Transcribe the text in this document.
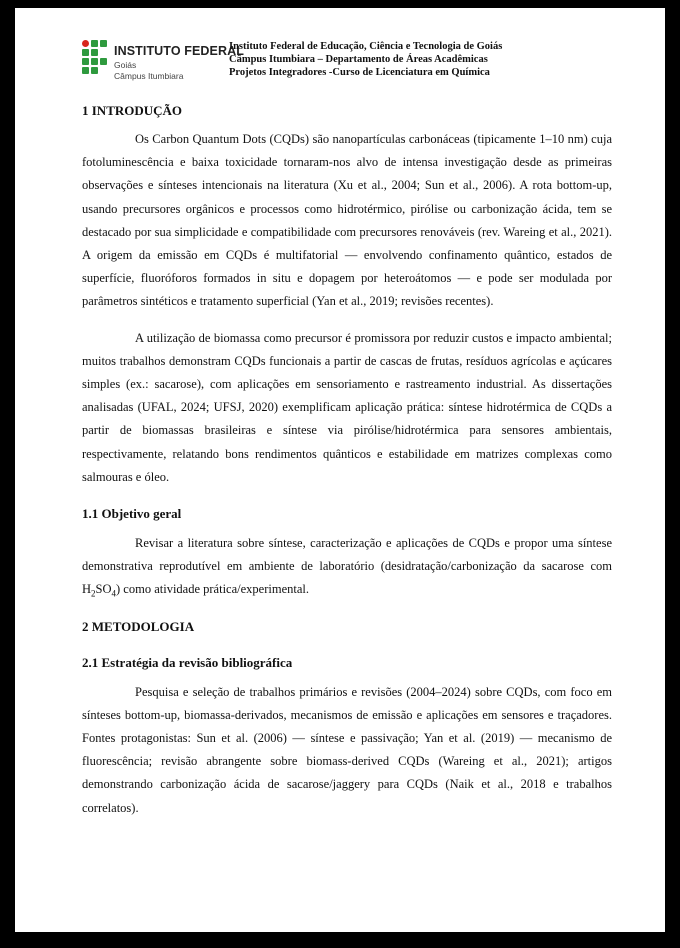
INSTITUTO FEDERAL
Goiás
Câmpus Itumbiara
Instituto Federal de Educação, Ciência e Tecnologia de Goiás
Câmpus Itumbiara – Departamento de Áreas Acadêmicas
Projetos Integradores -Curso de Licenciatura em Química
1 INTRODUÇÃO

Os Carbon Quantum Dots (CQDs) são nanopartículas carbonáceas (tipicamente 1–10 nm) cuja fotoluminescência e baixa toxicidade tornaram-nos alvo de intensa investigação desde as primeiras observações e sínteses intencionais na literatura (Xu et al., 2004; Sun et al., 2006). A rota bottom-up, usando precursores orgânicos e processos como hidrotérmico, pirólise ou carbonização ácida, tem se destacado por sua simplicidade e compatibilidade com precursores renováveis (rev. Wareing et al., 2021). A origem da emissão em CQDs é multifatorial — envolvendo confinamento quântico, estados de superfície, fluoróforos formados in situ e dopagem por heteroátomos — e pode ser modulada por parâmetros sintéticos e tratamento superficial (Yan et al., 2019; revisões recentes).

A utilização de biomassa como precursor é promissora por reduzir custos e impacto ambiental; muitos trabalhos demonstram CQDs funcionais a partir de cascas de frutas, resíduos agrícolas e açúcares simples (ex.: sacarose), com aplicações em sensoriamento e rastreamento industrial. As dissertações analisadas (UFAL, 2024; UFSJ, 2020) exemplificam aplicação prática: síntese hidrotérmica de CQDs a partir de biomassas brasileiras e síntese via pirólise/hidrotérmica para sensores ambientais, respectivamente, relatando bons rendimentos quânticos e estabilidade em matrizes complexas como salmouras e óleo.

1.1 Objetivo geral

Revisar a literatura sobre síntese, caracterização e aplicações de CQDs e propor uma síntese demonstrativa reprodutível em ambiente de laboratório (desidratação/carbonização da sacarose com $H_2SO_4$) como atividade prática/experimental.

2 METODOLOGIA
2.1 Estratégia da revisão bibliográfica

Pesquisa e seleção de trabalhos primários e revisões (2004–2024) sobre CQDs, com foco em sínteses bottom-up, biomassa-derivados, mecanismos de emissão e aplicações em sensores e traçadores. Fontes protagonistas: Sun et al. (2006) — síntese e passivação; Yan et al. (2019) — mecanismo de fluorescência; revisão abrangente sobre biomass-derived CQDs (Wareing et al., 2021); artigos demonstrando carbonização ácida de sacarose/jaggery para CQDs (Naik et al., 2018 e trabalhos correlatos).
